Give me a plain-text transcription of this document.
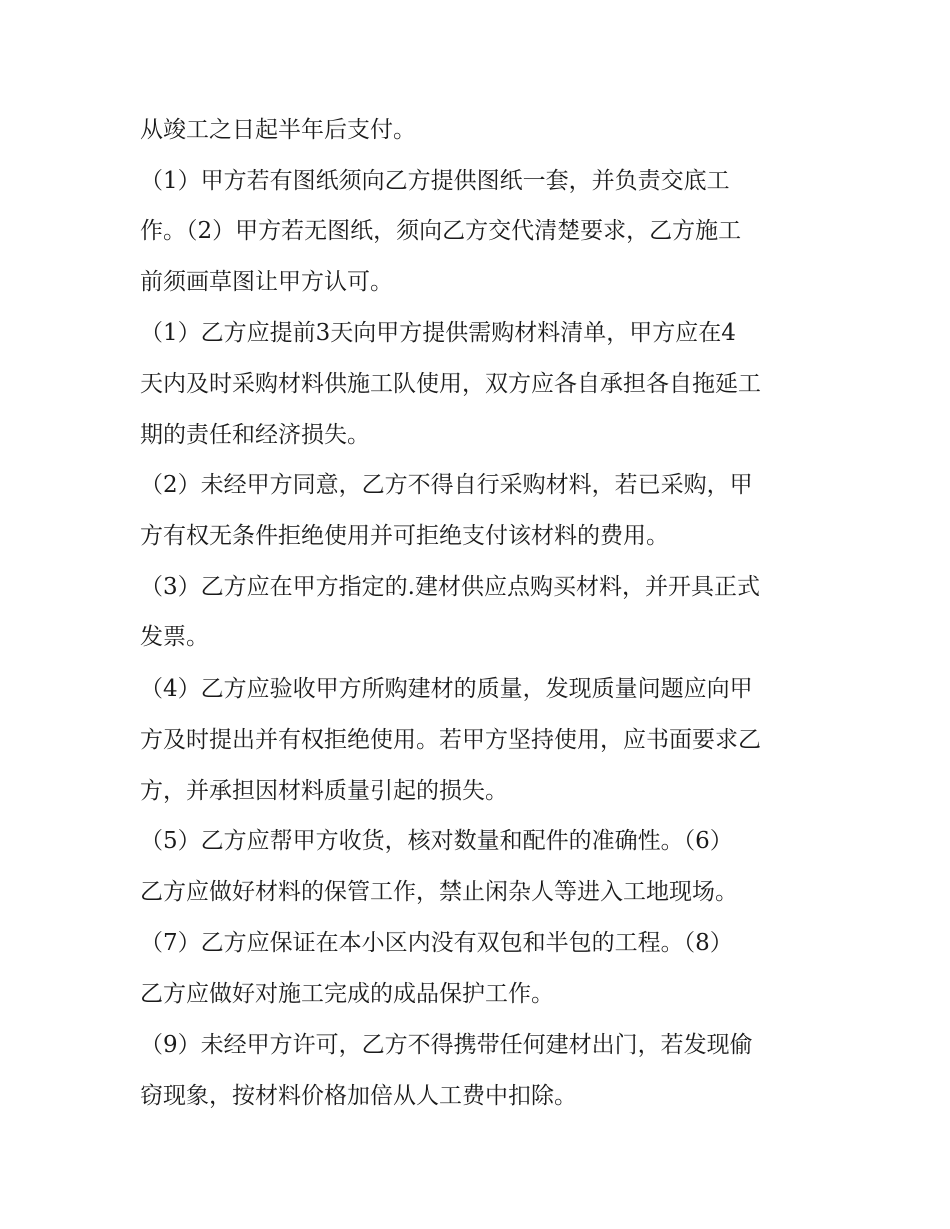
从竣工之日起半年后支付。

（1）甲方若有图纸须向乙方提供图纸一套，并负责交底工

作。（2）甲方若无图纸，须向乙方交代清楚要求，乙方施工

前须画草图让甲方认可。

（1）乙方应提前3天向甲方提供需购材料清单，甲方应在4

天内及时采购材料供施工队使用，双方应各自承担各自拖延工

期的责任和经济损失。

（2）未经甲方同意，乙方不得自行采购材料，若已采购，甲

方有权无条件拒绝使用并可拒绝支付该材料的费用。

（3）乙方应在甲方指定的.建材供应点购买材料，并开具正式

发票。

（4）乙方应验收甲方所购建材的质量，发现质量问题应向甲

方及时提出并有权拒绝使用。若甲方坚持使用，应书面要求乙

方，并承担因材料质量引起的损失。

（5）乙方应帮甲方收货，核对数量和配件的准确性。（6）

乙方应做好材料的保管工作，禁止闲杂人等进入工地现场。

（7）乙方应保证在本小区内没有双包和半包的工程。（8）

乙方应做好对施工完成的成品保护工作。

（9）未经甲方许可，乙方不得携带任何建材出门，若发现偷

窃现象，按材料价格加倍从人工费中扣除。
